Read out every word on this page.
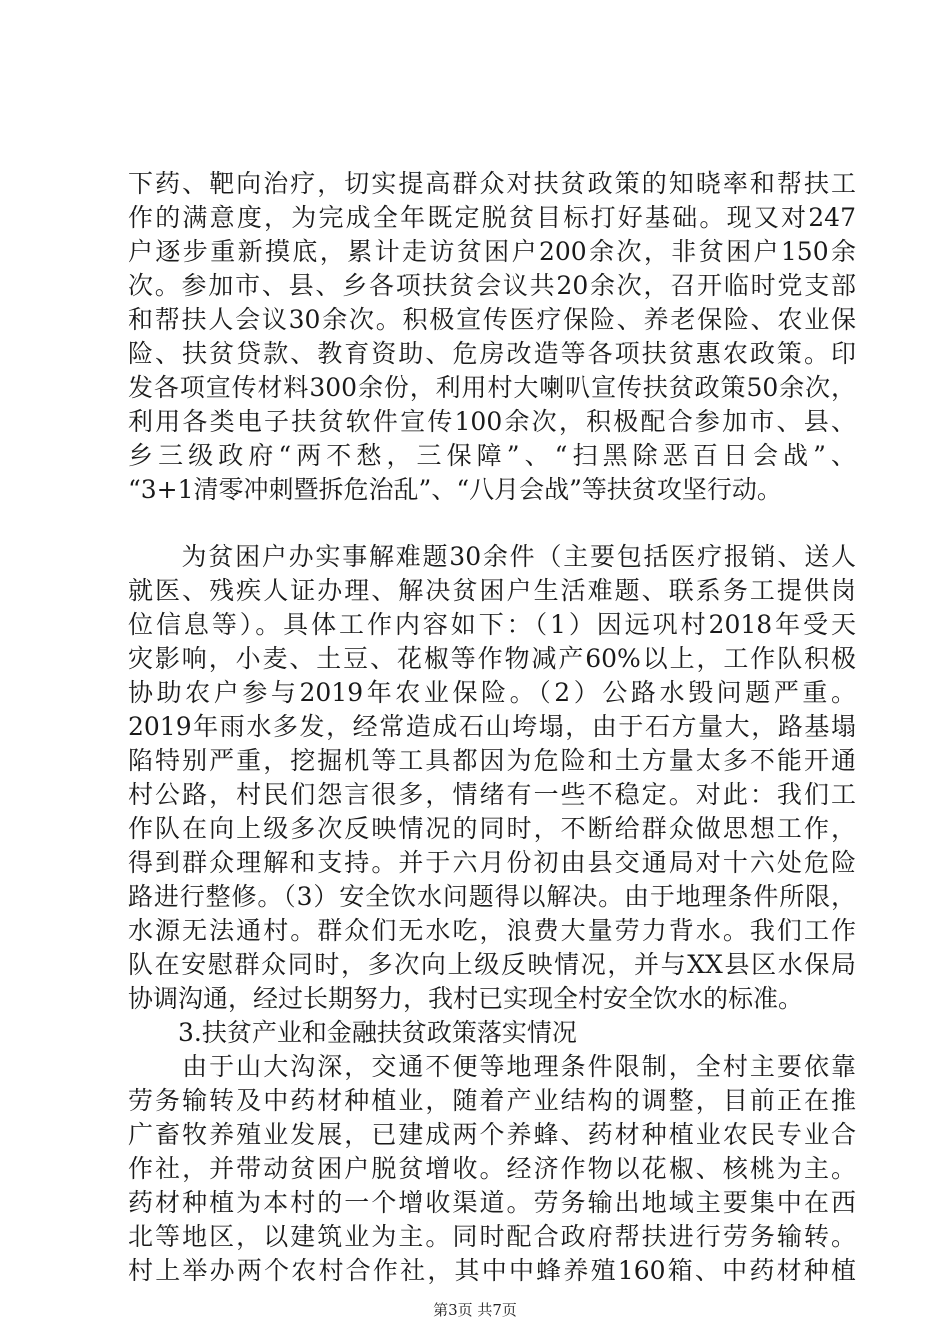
下药、靶向治疗，切实提高群众对扶贫政策的知晓率和帮扶工
作的满意度，为完成全年既定脱贫目标打好基础。现又对247
户逐步重新摸底，累计走访贫困户200余次，非贫困户150余
次。参加市、县、乡各项扶贫会议共20余次，召开临时党支部
和帮扶人会议30余次。积极宣传医疗保险、养老保险、农业保
险、扶贫贷款、教育资助、危房改造等各项扶贫惠农政策。印
发各项宣传材料300余份，利用村大喇叭宣传扶贫政策50余次，
利用各类电子扶贫软件宣传100余次，积极配合参加市、县、
乡三级政府“两不愁，三保障”、“扫黑除恶百日会战”、
“3+1清零冲刺暨拆危治乱”、“八月会战”等扶贫攻坚行动。
　　为贫困户办实事解难题30余件（主要包括医疗报销、送人
就医、残疾人证办理、解决贫困户生活难题、联系务工提供岗
位信息等）。具体工作内容如下：（1）因远巩村2018年受天
灾影响，小麦、土豆、花椒等作物减产60%以上，工作队积极
协助农户参与2019年农业保险。（2）公路水毁问题严重。
2019年雨水多发，经常造成石山垮塌，由于石方量大，路基塌
陷特别严重，挖掘机等工具都因为危险和土方量太多不能开通
村公路，村民们怨言很多，情绪有一些不稳定。对此：我们工
作队在向上级多次反映情况的同时，不断给群众做思想工作，
得到群众理解和支持。并于六月份初由县交通局对十六处危险
路进行整修。（3）安全饮水问题得以解决。由于地理条件所限，
水源无法通村。群众们无水吃，浪费大量劳力背水。我们工作
队在安慰群众同时，多次向上级反映情况，并与XX县区水保局
协调沟通，经过长期努力，我村已实现全村安全饮水的标准。
　　3.扶贫产业和金融扶贫政策落实情况
　　由于山大沟深，交通不便等地理条件限制，全村主要依靠
劳务输转及中药材种植业，随着产业结构的调整，目前正在推
广畜牧养殖业发展，已建成两个养蜂、药材种植业农民专业合
作社，并带动贫困户脱贫增收。经济作物以花椒、核桃为主。
药材种植为本村的一个增收渠道。劳务输出地域主要集中在西
北等地区，以建筑业为主。同时配合政府帮扶进行劳务输转。
村上举办两个农村合作社，其中中蜂养殖160箱、中药材种植
第3页 共7页
